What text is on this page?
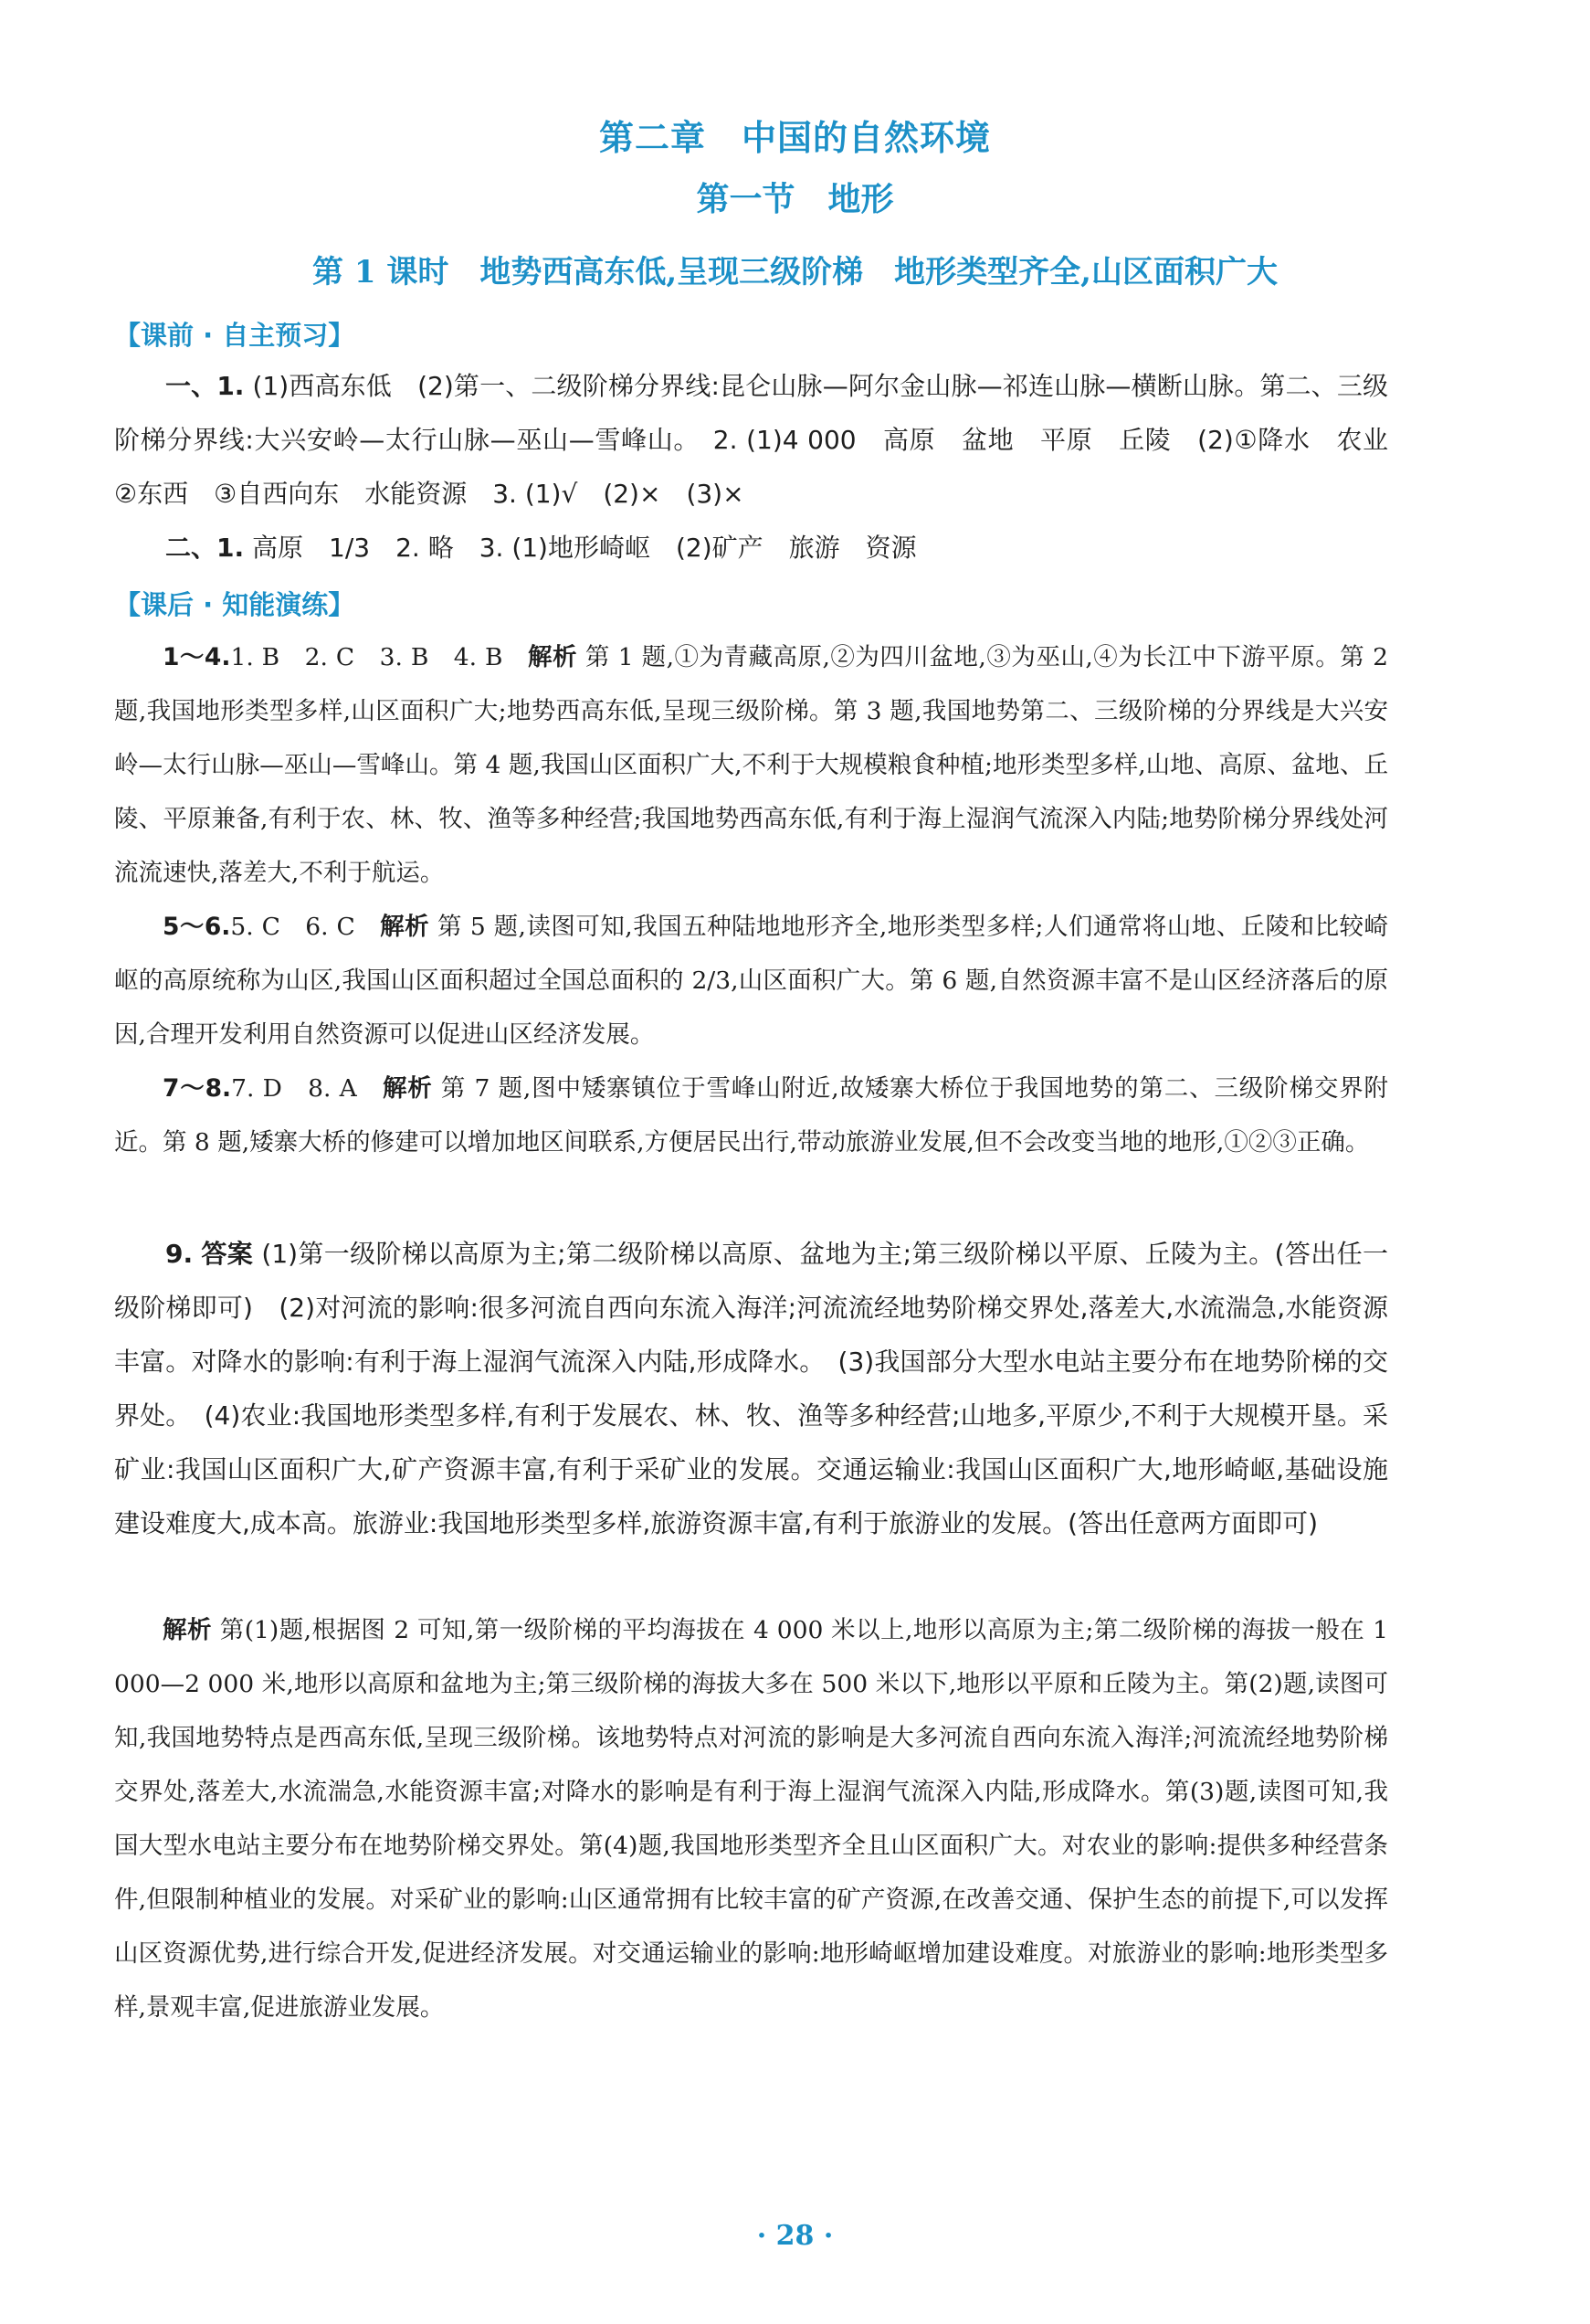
第二章　中国的自然环境
第一节　地形
第 1 课时　地势西高东低,呈现三级阶梯　地形类型齐全,山区面积广大
【课前 · 自主预习】
一、1. (1)西高东低　(2)第一、二级阶梯分界线:昆仑山脉—阿尔金山脉—祁连山脉—横断山脉。第二、三级阶梯分界线:大兴安岭—太行山脉—巫山—雪峰山。　2. (1)4 000　高原　盆地　平原　丘陵　(2)①降水　农业　②东西　③自西向东　水能资源　3. (1)√　(2)×　(3)×
二、1. 高原　1/3　2. 略　3. (1)地形崎岖　(2)矿产　旅游　资源
【课后 · 知能演练】
1～4.1. B　2. C　3. B　4. B　解析 第 1 题,①为青藏高原,②为四川盆地,③为巫山,④为长江中下游平原。第 2 题,我国地形类型多样,山区面积广大;地势西高东低,呈现三级阶梯。第 3 题,我国地势第二、三级阶梯的分界线是大兴安岭—太行山脉—巫山—雪峰山。第 4 题,我国山区面积广大,不利于大规模粮食种植;地形类型多样,山地、高原、盆地、丘陵、平原兼备,有利于农、林、牧、渔等多种经营;我国地势西高东低,有利于海上湿润气流深入内陆;地势阶梯分界线处河流流速快,落差大,不利于航运。
5～6.5. C　6. C　解析 第 5 题,读图可知,我国五种陆地地形齐全,地形类型多样;人们通常将山地、丘陵和比较崎岖的高原统称为山区,我国山区面积超过全国总面积的 2/3,山区面积广大。第 6 题,自然资源丰富不是山区经济落后的原因,合理开发利用自然资源可以促进山区经济发展。
7～8.7. D　8. A　解析 第 7 题,图中矮寨镇位于雪峰山附近,故矮寨大桥位于我国地势的第二、三级阶梯交界附近。第 8 题,矮寨大桥的修建可以增加地区间联系,方便居民出行,带动旅游业发展,但不会改变当地的地形,①②③正确。
9. 答案 (1)第一级阶梯以高原为主;第二级阶梯以高原、盆地为主;第三级阶梯以平原、丘陵为主。(答出任一级阶梯即可)　(2)对河流的影响:很多河流自西向东流入海洋;河流流经地势阶梯交界处,落差大,水流湍急,水能资源丰富。对降水的影响:有利于海上湿润气流深入内陆,形成降水。　(3)我国部分大型水电站主要分布在地势阶梯的交界处。　(4)农业:我国地形类型多样,有利于发展农、林、牧、渔等多种经营;山地多,平原少,不利于大规模开垦。采矿业:我国山区面积广大,矿产资源丰富,有利于采矿业的发展。交通运输业:我国山区面积广大,地形崎岖,基础设施建设难度大,成本高。旅游业:我国地形类型多样,旅游资源丰富,有利于旅游业的发展。(答出任意两方面即可)
解析 第(1)题,根据图 2 可知,第一级阶梯的平均海拔在 4 000 米以上,地形以高原为主;第二级阶梯的海拔一般在 1 000—2 000 米,地形以高原和盆地为主;第三级阶梯的海拔大多在 500 米以下,地形以平原和丘陵为主。第(2)题,读图可知,我国地势特点是西高东低,呈现三级阶梯。该地势特点对河流的影响是大多河流自西向东流入海洋;河流流经地势阶梯交界处,落差大,水流湍急,水能资源丰富;对降水的影响是有利于海上湿润气流深入内陆,形成降水。第(3)题,读图可知,我国大型水电站主要分布在地势阶梯交界处。第(4)题,我国地形类型齐全且山区面积广大。对农业的影响:提供多种经营条件,但限制种植业的发展。对采矿业的影响:山区通常拥有比较丰富的矿产资源,在改善交通、保护生态的前提下,可以发挥山区资源优势,进行综合开发,促进经济发展。对交通运输业的影响:地形崎岖增加建设难度。对旅游业的影响:地形类型多样,景观丰富,促进旅游业发展。
· 28 ·
